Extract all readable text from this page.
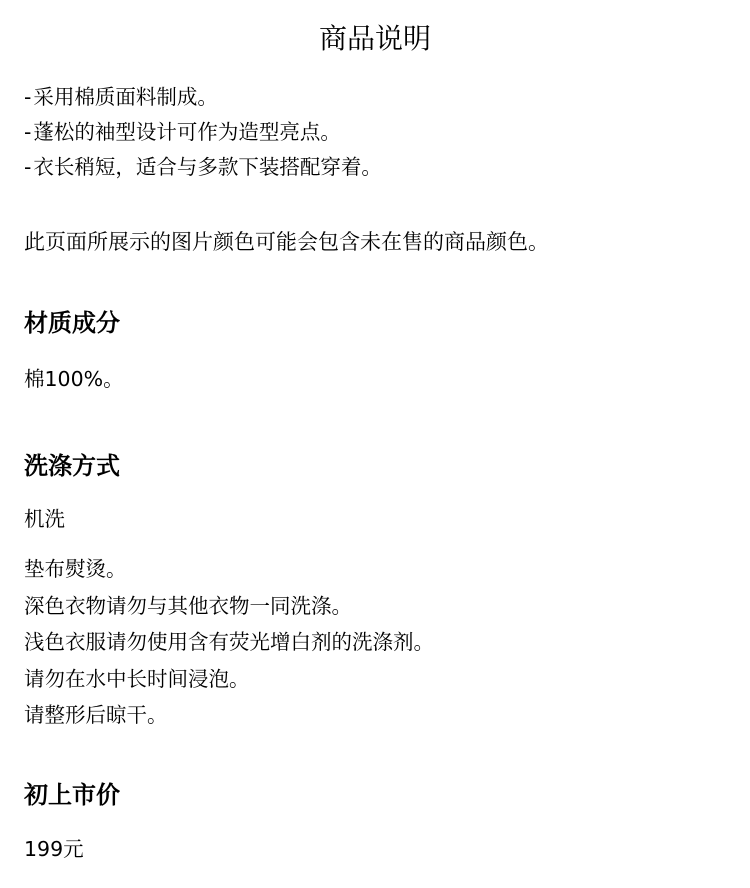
商品说明
-采用棉质面料制成。
-蓬松的袖型设计可作为造型亮点。
-衣长稍短，适合与多款下装搭配穿着。
此页面所展示的图片颜色可能会包含未在售的商品颜色。
材质成分
棉100%。
洗涤方式
机洗
垫布熨烫。
深色衣物请勿与其他衣物一同洗涤。
浅色衣服请勿使用含有荧光增白剂的洗涤剂。
请勿在水中长时间浸泡。
请整形后晾干。
初上市价
199元
